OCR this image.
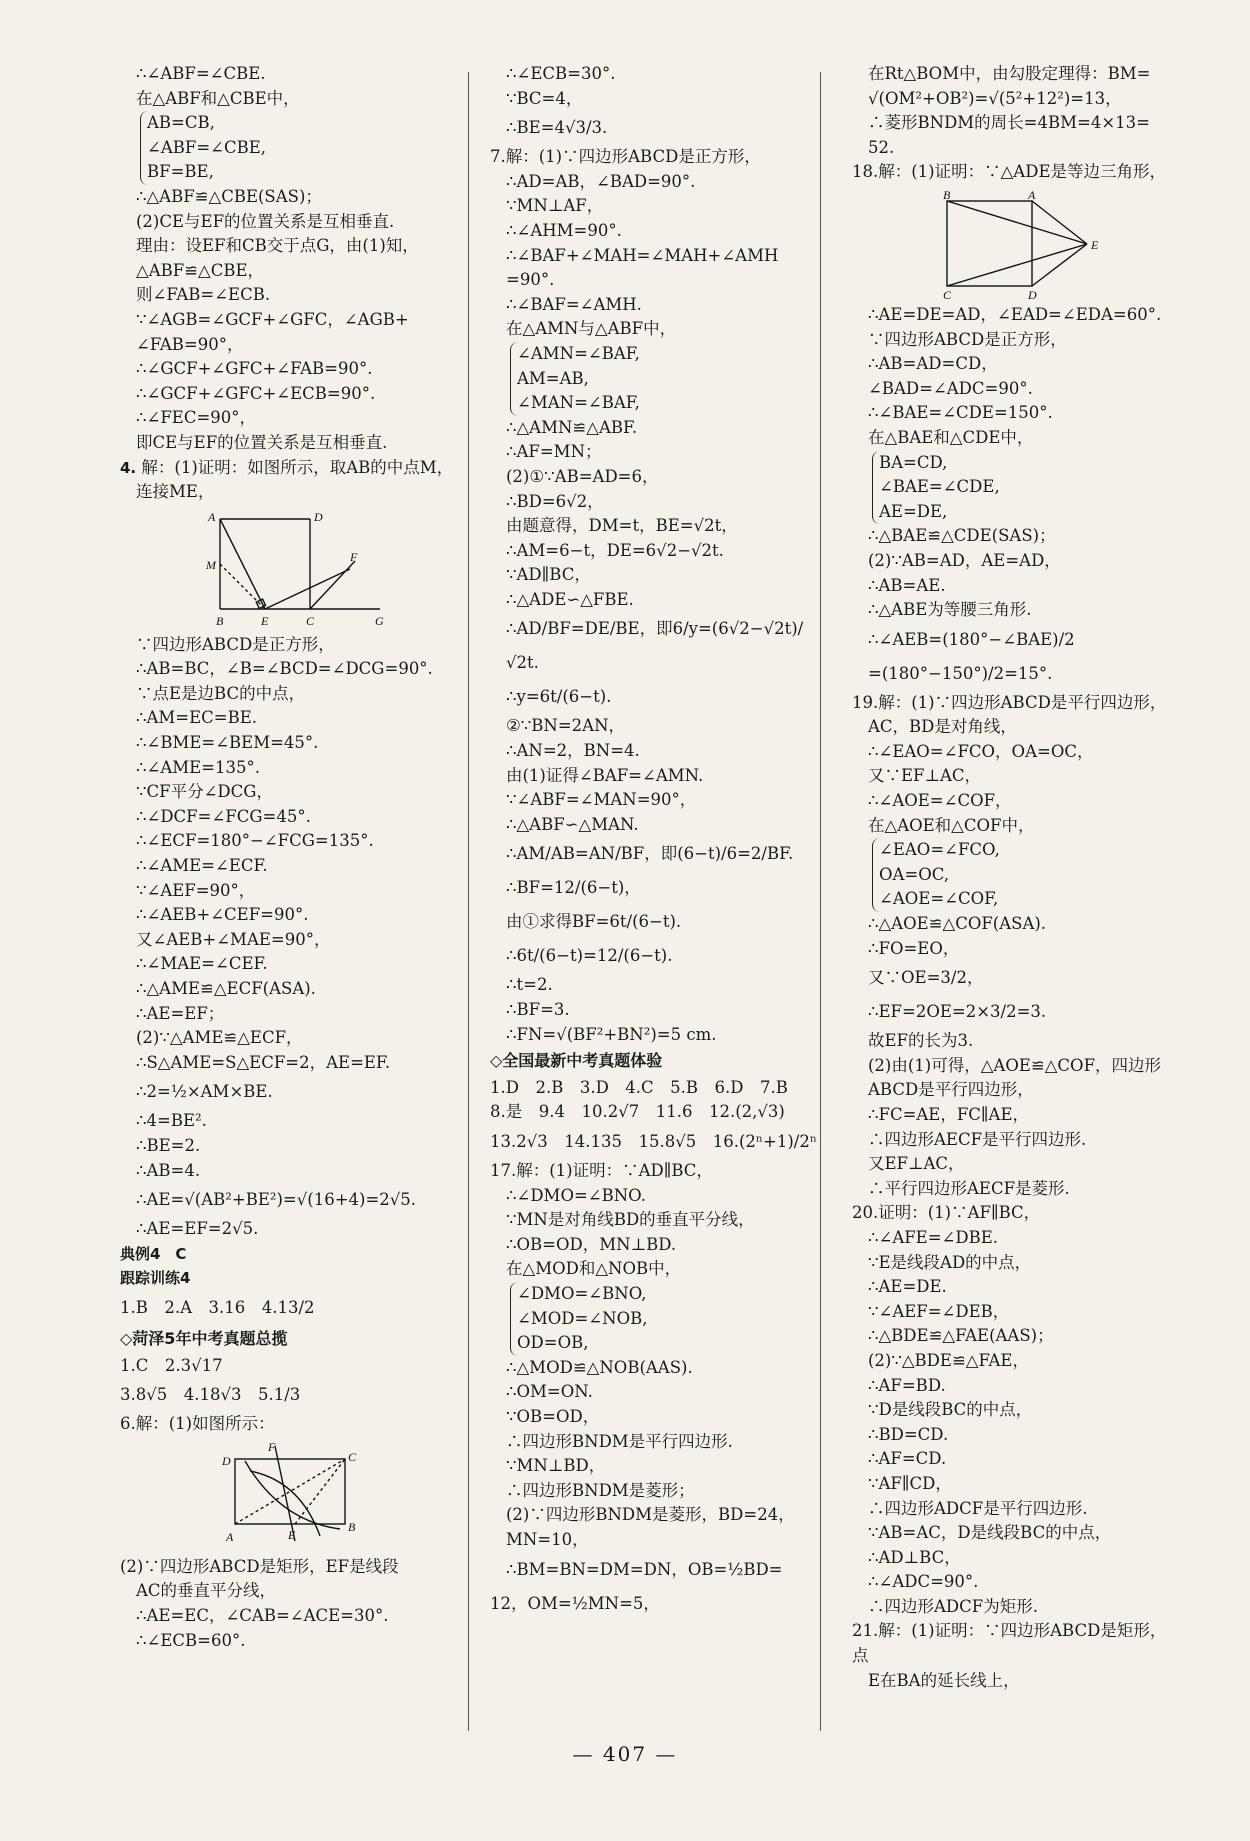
∴∠ABF=∠CBE.
在△ABF和△CBE中，
AB=CB,
∠ABF=∠CBE,
BF=BE,
∴△ABF≌△CBE(SAS)；
(2)CE与EF的位置关系是互相垂直.
理由：设EF和CB交于点G，由(1)知，
△ABF≌△CBE，
则∠FAB=∠ECB.
∵∠AGB=∠GCF+∠GFC，∠AGB+
∠FAB=90°，
∴∠GCF+∠GFC+∠FAB=90°.
∴∠GCF+∠GFC+∠ECB=90°.
∴∠FEC=90°，
即CE与EF的位置关系是互相垂直.
4. 解：(1)证明：如图所示，取AB的中点M，
连接ME，
A	D
M
F
B	E	C	G
∵四边形ABCD是正方形，
∴AB=BC，∠B=∠BCD=∠DCG=90°.
∵点E是边BC的中点，
∴AM=EC=BE.
∴∠BME=∠BEM=45°.
∴∠AME=135°.
∵CF平分∠DCG，
∴∠DCF=∠FCG=45°.
∴∠ECF=180°−∠FCG=135°.
∴∠AME=∠ECF.
∵∠AEF=90°，
∴∠AEB+∠CEF=90°.
又∠AEB+∠MAE=90°，
∴∠MAE=∠CEF.
∴△AME≌△ECF(ASA).
∴AE=EF；
(2)∵△AME≌△ECF，
∴S△AME=S△ECF=2，AE=EF.
∴2=½×AM×BE.
∴4=BE².
∴BE=2.
∴AB=4.
∴AE=√(AB²+BE²)=√(16+4)=2√5.
∴AE=EF=2√5.
典例4　C
跟踪训练4
1.B　2.A　3.16　4.13/2
◇菏泽5年中考真题总揽
1.C　2.3√17
3.8√5　4.18√3　5.1/3
6.解：(1)如图所示：
F
D	C
A	E
B
(2)∵四边形ABCD是矩形，EF是线段
AC的垂直平分线，
∴AE=EC，∠CAB=∠ACE=30°.
∴∠ECB=60°.
∴∠ECB=30°.
∵BC=4，
∴BE=4√3/3.
7.解：(1)∵四边形ABCD是正方形，
∴AD=AB，∠BAD=90°.
∵MN⊥AF，
∴∠AHM=90°.
∴∠BAF+∠MAH=∠MAH+∠AMH
=90°.
∴∠BAF=∠AMH.
在△AMN与△ABF中，
∠AMN=∠BAF,
AM=AB,
∠MAN=∠BAF,
∴△AMN≌△ABF.
∴AF=MN；
(2)①∵AB=AD=6，
∴BD=6√2，
由题意得，DM=t，BE=√2t，
∴AM=6−t，DE=6√2−√2t.
∵AD∥BC，
∴△ADE∽△FBE.
∴AD/BF=DE/BE，即6/y=(6√2−√2t)/√2t.
∴y=6t/(6−t).
②∵BN=2AN，
∴AN=2，BN=4.
由(1)证得∠BAF=∠AMN.
∵∠ABF=∠MAN=90°，
∴△ABF∽△MAN.
∴AM/AB=AN/BF，即(6−t)/6=2/BF.
∴BF=12/(6−t)，
由①求得BF=6t/(6−t).
∴6t/(6−t)=12/(6−t).
∴t=2.
∴BF=3.
∴FN=√(BF²+BN²)=5 cm.
◇全国最新中考真题体验
1.D　2.B　3.D　4.C　5.B　6.D　7.B
8.是　9.4　10.2√7　11.6　12.(2,√3)
13.2√3　14.135　15.8√5　16.(2ⁿ+1)/2ⁿ
17.解：(1)证明：∵AD∥BC，
∴∠DMO=∠BNO.
∵MN是对角线BD的垂直平分线，
∴OB=OD，MN⊥BD.
在△MOD和△NOB中，
∠DMO=∠BNO,
∠MOD=∠NOB,
OD=OB,
∴△MOD≌△NOB(AAS).
∴OM=ON.
∵OB=OD，
∴四边形BNDM是平行四边形.
∵MN⊥BD，
∴四边形BNDM是菱形；
(2)∵四边形BNDM是菱形，BD=24，
MN=10，
∴BM=BN=DM=DN，OB=½BD=
12，OM=½MN=5，
在Rt△BOM中，由勾股定理得：BM=
√(OM²+OB²)=√(5²+12²)=13，
∴菱形BNDM的周长=4BM=4×13=
52.
18.解：(1)证明：∵△ADE是等边三角形，
B	A
E
C	D
∴AE=DE=AD，∠EAD=∠EDA=60°.
∵四边形ABCD是正方形，
∴AB=AD=CD，
∠BAD=∠ADC=90°.
∴∠BAE=∠CDE=150°.
在△BAE和△CDE中，
BA=CD,
∠BAE=∠CDE,
AE=DE,
∴△BAE≌△CDE(SAS)；
(2)∵AB=AD，AE=AD，
∴AB=AE.
∴△ABE为等腰三角形.
∴∠AEB=(180°−∠BAE)/2
=(180°−150°)/2=15°.
19.解：(1)∵四边形ABCD是平行四边形，
AC，BD是对角线，
∴∠EAO=∠FCO，OA=OC，
又∵EF⊥AC，
∴∠AOE=∠COF，
在△AOE和△COF中，
∠EAO=∠FCO,
OA=OC,
∠AOE=∠COF,
∴△AOE≌△COF(ASA).
∴FO=EO，
又∵OE=3/2，
∴EF=2OE=2×3/2=3.
故EF的长为3.
(2)由(1)可得，△AOE≌△COF，四边形
ABCD是平行四边形，
∴FC=AE，FC∥AE，
∴四边形AECF是平行四边形.
又EF⊥AC，
∴平行四边形AECF是菱形.
20.证明：(1)∵AF∥BC，
∴∠AFE=∠DBE.
∵E是线段AD的中点，
∴AE=DE.
∵∠AEF=∠DEB，
∴△BDE≌△FAE(AAS)；
(2)∵△BDE≌△FAE，
∴AF=BD.
∵D是线段BC的中点，
∴BD=CD.
∴AF=CD.
∵AF∥CD，
∴四边形ADCF是平行四边形.
∵AB=AC，D是线段BC的中点，
∴AD⊥BC，
∴∠ADC=90°.
∴四边形ADCF为矩形.
21.解：(1)证明：∵四边形ABCD是矩形，点
E在BA的延长线上，
— 407 —
